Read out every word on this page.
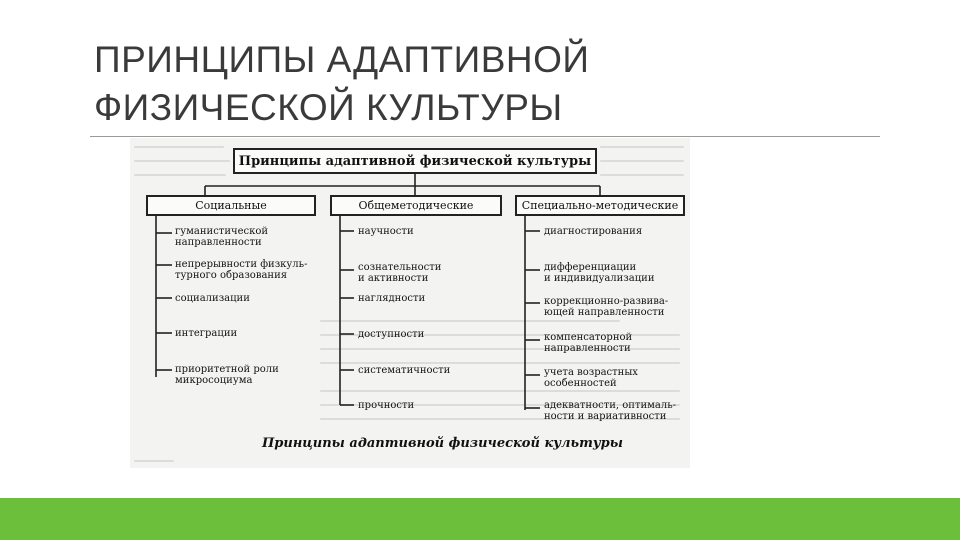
ПРИНЦИПЫ АДАПТИВНОЙ
ФИЗИЧЕСКОЙ КУЛЬТУРЫ
Принципы адаптивной физической культуры
Социальные	Общеметодические	Специально-методические
гуманистической
направленности
непрерывности физкуль-
турного образования
социализации
интеграции
приоритетной роли
микросоциума
научности
сознательности
и активности
наглядности
доступности
систематичности
прочности
диагностирования
дифференциации
и индивидуализации
коррекционно-развива-
ющей направленности
компенсаторной
направленности
учета возрастных
особенностей
адекватности, оптималь-
ности и вариативности
Принципы адаптивной физической культуры
